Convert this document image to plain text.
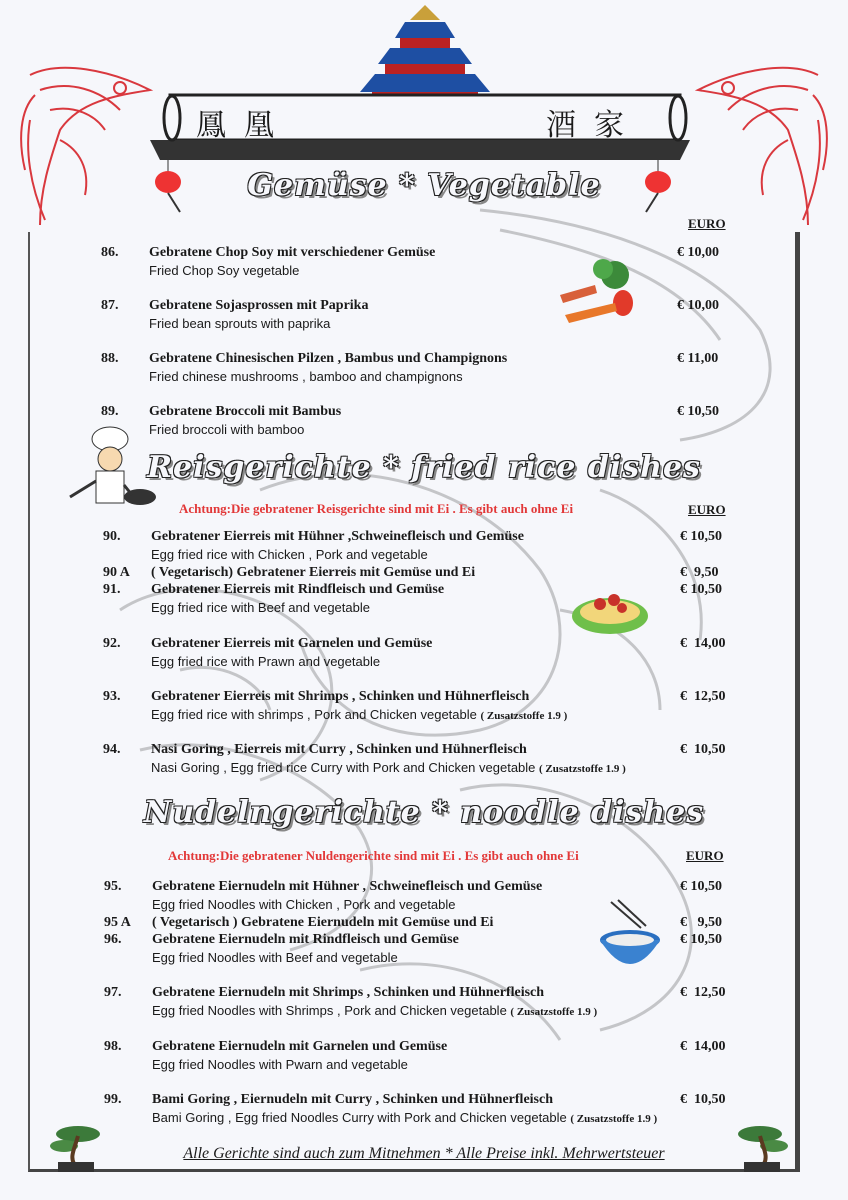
鳳凰	酒家
Gemüse * Vegetable
EURO
86. Gebratene Chop Soy mit verschiedener Gemüse
Fried Chop Soy vegetable
€ 10,00
87. Gebratene Sojasprossen mit Paprika
Fried bean sprouts with paprika
€ 10,00
88. Gebratene Chinesischen Pilzen , Bambus und Champignons
Fried chinese mushrooms , bamboo and champignons
€ 11,00
89. Gebratene Broccoli mit Bambus
Fried broccoli with bamboo
€ 10,50
Reisgerichte * fried rice dishes
Achtung:Die gebratener Reisgerichte sind mit Ei . Es gibt auch ohne Ei	EURO
90. Gebratener Eierreis mit Hühner ,Schweinefleisch und Gemüse
Egg fried rice with Chicken , Pork and vegetable
€ 10,50
90 A ( Vegetarisch) Gebratener Eierreis mit Gemüse und Ei	€  9,50
91. Gebratener Eierreis mit Rindfleisch und Gemüse
Egg fried rice with Beef and vegetable
€ 10,50
92. Gebratener Eierreis mit Garnelen und Gemüse
Egg fried rice with Prawn and vegetable
€  14,00
93. Gebratener Eierreis mit Shrimps , Schinken und Hühnerfleisch
Egg fried rice with shrimps , Pork and Chicken vegetable ( Zusatzstoffe 1.9 )
€  12,50
94. Nasi Goring , Eierreis mit Curry , Schinken und Hühnerfleisch
Nasi Goring , Egg fried rice Curry with Pork and Chicken vegetable ( Zusatzstoffe 1.9 )
€  10,50
Nudelngerichte * noodle dishes
Achtung:Die gebratener Nuldengerichte sind mit Ei . Es gibt auch ohne Ei	EURO
95. Gebratene Eiernudeln mit Hühner , Schweinefleisch und Gemüse
Egg fried Noodles with Chicken , Pork and vegetable
€ 10,50
95 A ( Vegetarisch ) Gebratene Eiernudeln mit Gemüse und Ei	€   9,50
96. Gebratene Eiernudeln mit Rindfleisch und Gemüse
Egg fried Noodles with Beef and vegetable
€ 10,50
97. Gebratene Eiernudeln mit Shrimps , Schinken und Hühnerfleisch
Egg fried Noodles with Shrimps , Pork and Chicken vegetable ( Zusatzstoffe 1.9 )
€  12,50
98. Gebratene Eiernudeln mit Garnelen und Gemüse
Egg fried Noodles with Pwarn and vegetable
€  14,00
99. Bami Goring , Eiernudeln mit Curry , Schinken und Hühnerfleisch
Bami Goring , Egg fried Noodles Curry with Pork and Chicken vegetable ( Zusatzstoffe 1.9 )
€  10,50
Alle Gerichte sind auch zum Mitnehmen * Alle Preise inkl. Mehrwertsteuer
